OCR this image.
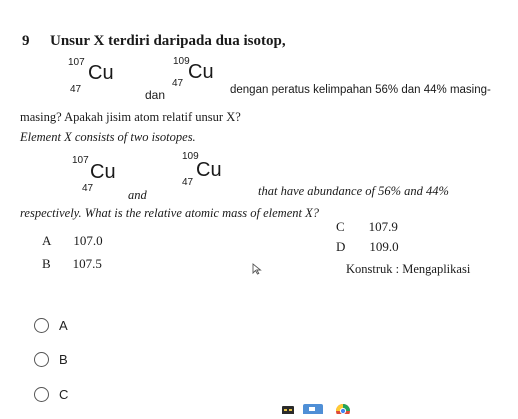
9 Unsur X terdiri daripada dua isotop,
107 Cu
47	dan
109
Cu
47
dengan peratus kelimpahan 56% dan 44% masing-
masing? Apakah jisim atom relatif unsur X?
Element X consists of two isotopes.
107
Cu
47	and
109
Cu
47
that have abundance of 56% and 44%
respectively. What is the relative atomic mass of element X?
A 107.0
B 107.5
C 107.9
D 109.0
Konstruk : Mengaplikasi
A
B
C
